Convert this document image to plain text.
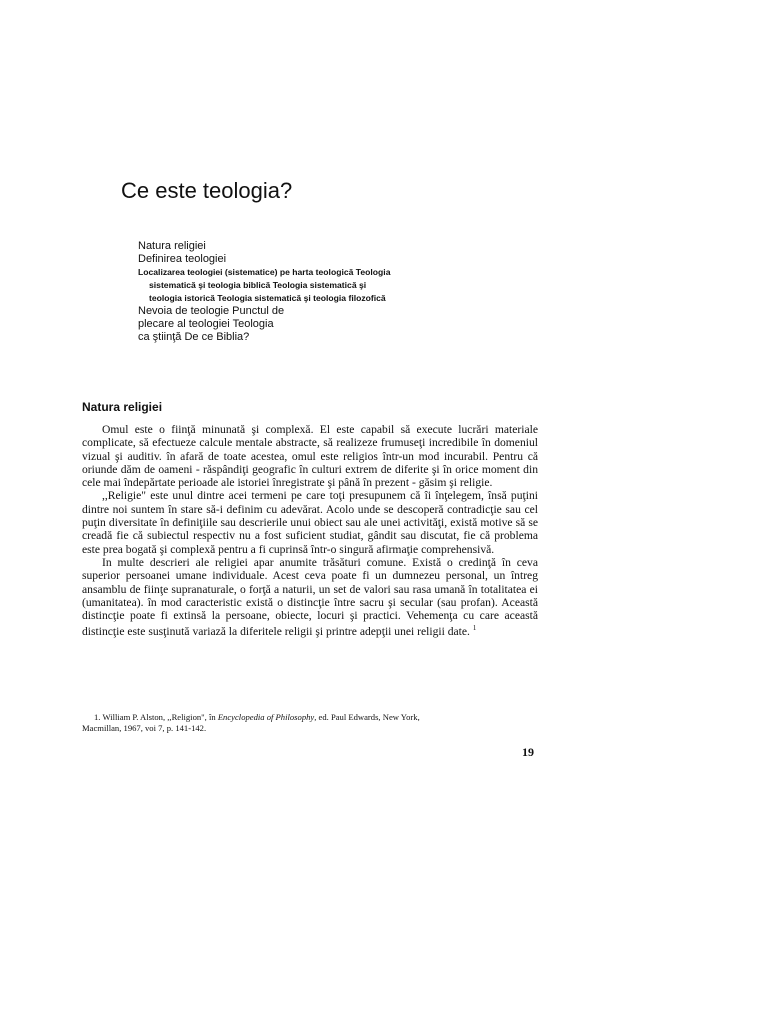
Ce este teologia?
Natura religiei
Definirea teologiei
Localizarea teologiei (sistematice) pe harta teologică Teologia
sistematică şi teologia biblică Teologia sistematică şi
teologia istorică Teologia sistematică şi teologia filozofică
Nevoia de teologie Punctul de
plecare al teologiei Teologia
ca ştiinţă De ce Biblia?
Natura religiei

Omul este o fiinţă minunată şi complexă. El este capabil să execute lucrări materiale complicate, să efectueze calcule mentale abstracte, să realizeze frumuseţi incredibile în domeniul vizual şi auditiv. în afară de toate acestea, omul este religios într-un mod incurabil. Pentru că oriunde dăm de oameni - răspândiţi geografic în culturi extrem de diferite şi în orice moment din cele mai îndepărtate perioade ale istoriei înregistrate şi până în prezent - găsim şi religie.

,,Religie" este unul dintre acei termeni pe care toţi presupunem că îi înţelegem, însă puţini dintre noi suntem în stare să-i definim cu adevărat. Acolo unde se descoperă contradicţie sau cel puţin diversitate în definiţiile sau descrierile unui obiect sau ale unei activităţi, există motive să se creadă fie că subiectul respectiv nu a fost suficient studiat, gândit sau discutat, fie că problema este prea bogată şi complexă pentru a fi cuprinsă într-o singură afirmaţie comprehensivă.

In multe descrieri ale religiei apar anumite trăsături comune. Există o credinţă în ceva superior persoanei umane individuale. Acest ceva poate fi un dumnezeu personal, un întreg ansamblu de fiinţe supranaturale, o forţă a naturii, un set de valori sau rasa umană în totalitatea ei (umanitatea). în mod caracteristic există o distincţie între sacru şi secular (sau profan). Această distincţie poate fi extinsă la persoane, obiecte, locuri şi practici. Vehemenţa cu care această distincţie este susţinută variază la diferitele religii şi printre adepţii unei religii date. $^1$

1. William P. Alston, ,,Religion", în Encyclopedia of Philosophy, ed. Paul Edwards, New York,
Macmillan, 1967, voi 7, p. 141-142.
19
